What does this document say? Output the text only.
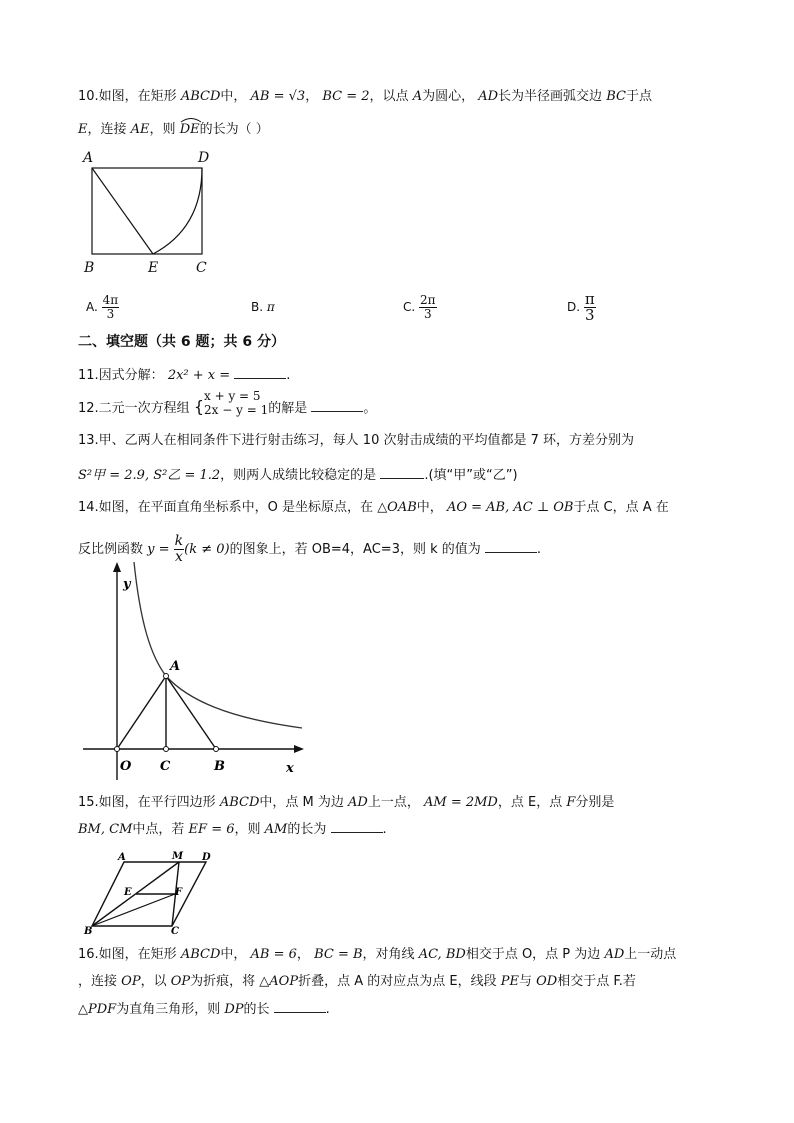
10.如图，在矩形 ABCD中， AB = √3， BC = 2，以点 A为圆心， AD长为半径画弧交边 BC于点
E，连接 AE，则 DE的长为（ ）
A	D
B	E	C
A. $\frac{4\pi}{3}$	B. π	C. $\frac{2\pi}{3}$	D. $\frac{\pi}{3}$
二、填空题（共 6 题；共 6 分）
11.因式分解： 2x² + x =	.
12.二元一次方程组 {
x + y = 5
2x − y = 1 的解是	。
13.甲、乙两人在相同条件下进行射击练习，每人 10 次射击成绩的平均值都是 7 环，方差分别为
S²甲 = 2.9, S²乙 = 1.2，则两人成绩比较稳定的是	.(填“甲”或“乙”)
14.如图，在平面直角坐标系中，O 是坐标原点，在 △OAB中， AO = AB, AC ⊥ OB于点 C，点 A 在
反比例函数 $y = \frac{k}{x} (k \ne 0)$的图象上，若 OB=4，AC=3，则 k 的值为	.
y
x
O
A
C	B
15.如图，在平行四边形 ABCD中，点 M 为边 AD上一点， AM = 2MD，点 E，点 F分别是
BM, CM中点，若 EF = 6，则 AM的长为	.
A	M D
E	F
B	C
16.如图，在矩形 ABCD中， AB = 6， BC = B，对角线 AC, BD相交于点 O，点 P 为边 AD上一动点
，连接 OP，以 OP为折痕，将 △AOP折叠，点 A 的对应点为点 E，线段 PE与 OD相交于点 F.若
△PDF为直角三角形，则 DP的长	.
